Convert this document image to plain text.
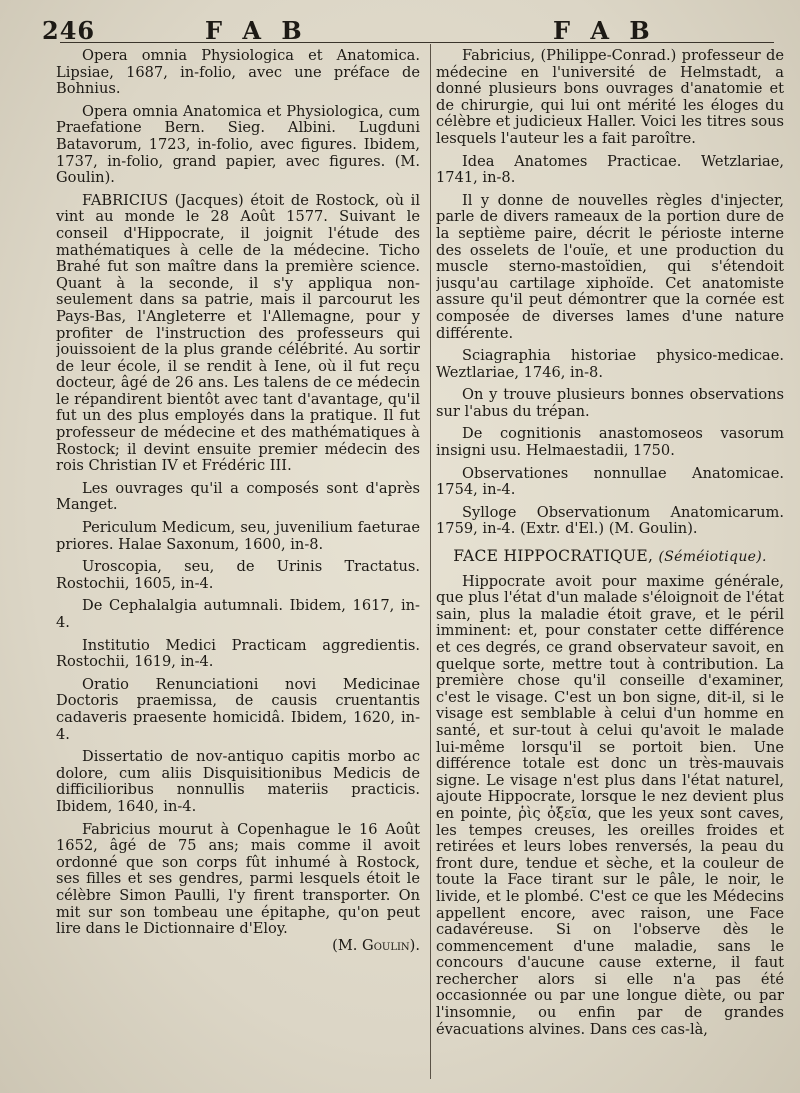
246	F A B	F A B

Opera omnia Physiologica et Anatomica. Lipsiae, 1687, in-folio, avec une préface de Bohnius.

Opera omnia Anatomica et Physiologica, cum Praefatione Bern. Sieg. Albini. Lugduni Batavorum, 1723, in-folio, avec figures. Ibidem, 1737, in-folio, grand papier, avec figures. (M. Goulin).

FABRICIUS (Jacques) étoit de Rostock, où il vint au monde le 28 Août 1577. Suivant le conseil d'Hippocrate, il joignit l'étude des mathématiques à celle de la médecine. Ticho Brahé fut son maître dans la première science. Quant à la seconde, il s'y appliqua non-seulement dans sa patrie, mais il parcourut les Pays-Bas, l'Angleterre et l'Allemagne, pour y profiter de l'instruction des professeurs qui jouissoient de la plus grande célébrité. Au sortir de leur école, il se rendit à Iene, où il fut reçu docteur, âgé de 26 ans. Les talens de ce médecin le répandirent bientôt avec tant d'avantage, qu'il fut un des plus employés dans la pratique. Il fut professeur de médecine et des mathématiques à Rostock; il devint ensuite premier médecin des rois Christian IV et Frédéric III.

Les ouvrages qu'il a composés sont d'après Manget.

Periculum Medicum, seu, juvenilium faeturae priores. Halae Saxonum, 1600, in-8.

Uroscopia, seu, de Urinis Tractatus. Rostochii, 1605, in-4.

De Cephalalgia autumnali. Ibidem, 1617, in-4.

Institutio Medici Practicam aggredientis. Rostochii, 1619, in-4.

Oratio Renunciationi novi Medicinae Doctoris praemissa, de causis cruentantis cadaveris praesente homicidâ. Ibidem, 1620, in-4.

Dissertatio de nov-antiquo capitis morbo ac dolore, cum aliis Disquisitionibus Medicis de difficilioribus nonnullis materiis practicis. Ibidem, 1640, in-4.

Fabricius mourut à Copenhague le 16 Août 1652, âgé de 75 ans; mais comme il avoit ordonné que son corps fût inhumé à Rostock, ses filles et ses gendres, parmi lesquels étoit le célèbre Simon Paulli, l'y firent transporter. On mit sur son tombeau une épitaphe, qu'on peut lire dans le Dictionnaire d'Eloy.

(M. Goulin).

Fabricius, (Philippe-Conrad.) professeur de médecine en l'université de Helmstadt, a donné plusieurs bons ouvrages d'anatomie et de chirurgie, qui lui ont mérité les éloges du célèbre et judicieux Haller. Voici les titres sous lesquels l'auteur les a fait paroître.

Idea Anatomes Practicae. Wetzlariae, 1741, in-8.

Il y donne de nouvelles règles d'injecter, parle de divers rameaux de la portion dure de la septième paire, décrit le périoste interne des osselets de l'ouïe, et une production du muscle sterno-mastoïdien, qui s'étendoit jusqu'au cartilage xiphoïde. Cet anatomiste assure qu'il peut démontrer que la cornée est composée de diverses lames d'une nature différente.

Sciagraphia historiae physico-medicae. Weztlariae, 1746, in-8.

On y trouve plusieurs bonnes observations sur l'abus du trépan.

De cognitionis anastomoseos vasorum insigni usu. Helmaestadii, 1750.

Observationes nonnullae Anatomicae. 1754, in-4.

Sylloge Observationum Anatomicarum. 1759, in-4. (Extr. d'El.) (M. Goulin).

FACE HIPPOCRATIQUE, (Séméiotique).

Hippocrate avoit pour maxime générale, que plus l'état d'un malade s'éloignoit de l'état sain, plus la maladie étoit grave, et le péril imminent: et, pour constater cette différence et ces degrés, ce grand observateur savoit, en quelque sorte, mettre tout à contribution. La première chose qu'il conseille d'examiner, c'est le visage. C'est un bon signe, dit-il, si le visage est semblable à celui d'un homme en santé, et sur-tout à celui qu'avoit le malade lui-même lorsqu'il se portoit bien. Une différence totale est donc un très-mauvais signe. Le visage n'est plus dans l'état naturel, ajoute Hippocrate, lorsque le nez devient plus en pointe, ῥὶς ὀξεῖα, que les yeux sont caves, les tempes creuses, les oreilles froides et retirées et leurs lobes renversés, la peau du front dure, tendue et sèche, et la couleur de toute la Face tirant sur le pâle, le noir, le livide, et le plombé. C'est ce que les Médecins appellent encore, avec raison, une Face cadavéreuse. Si on l'observe dès le commencement d'une maladie, sans le concours d'aucune cause externe, il faut rechercher alors si elle n'a pas été occasionnée ou par une longue diète, ou par l'insomnie, ou enfin par de grandes évacuations alvines. Dans ces cas-là,
